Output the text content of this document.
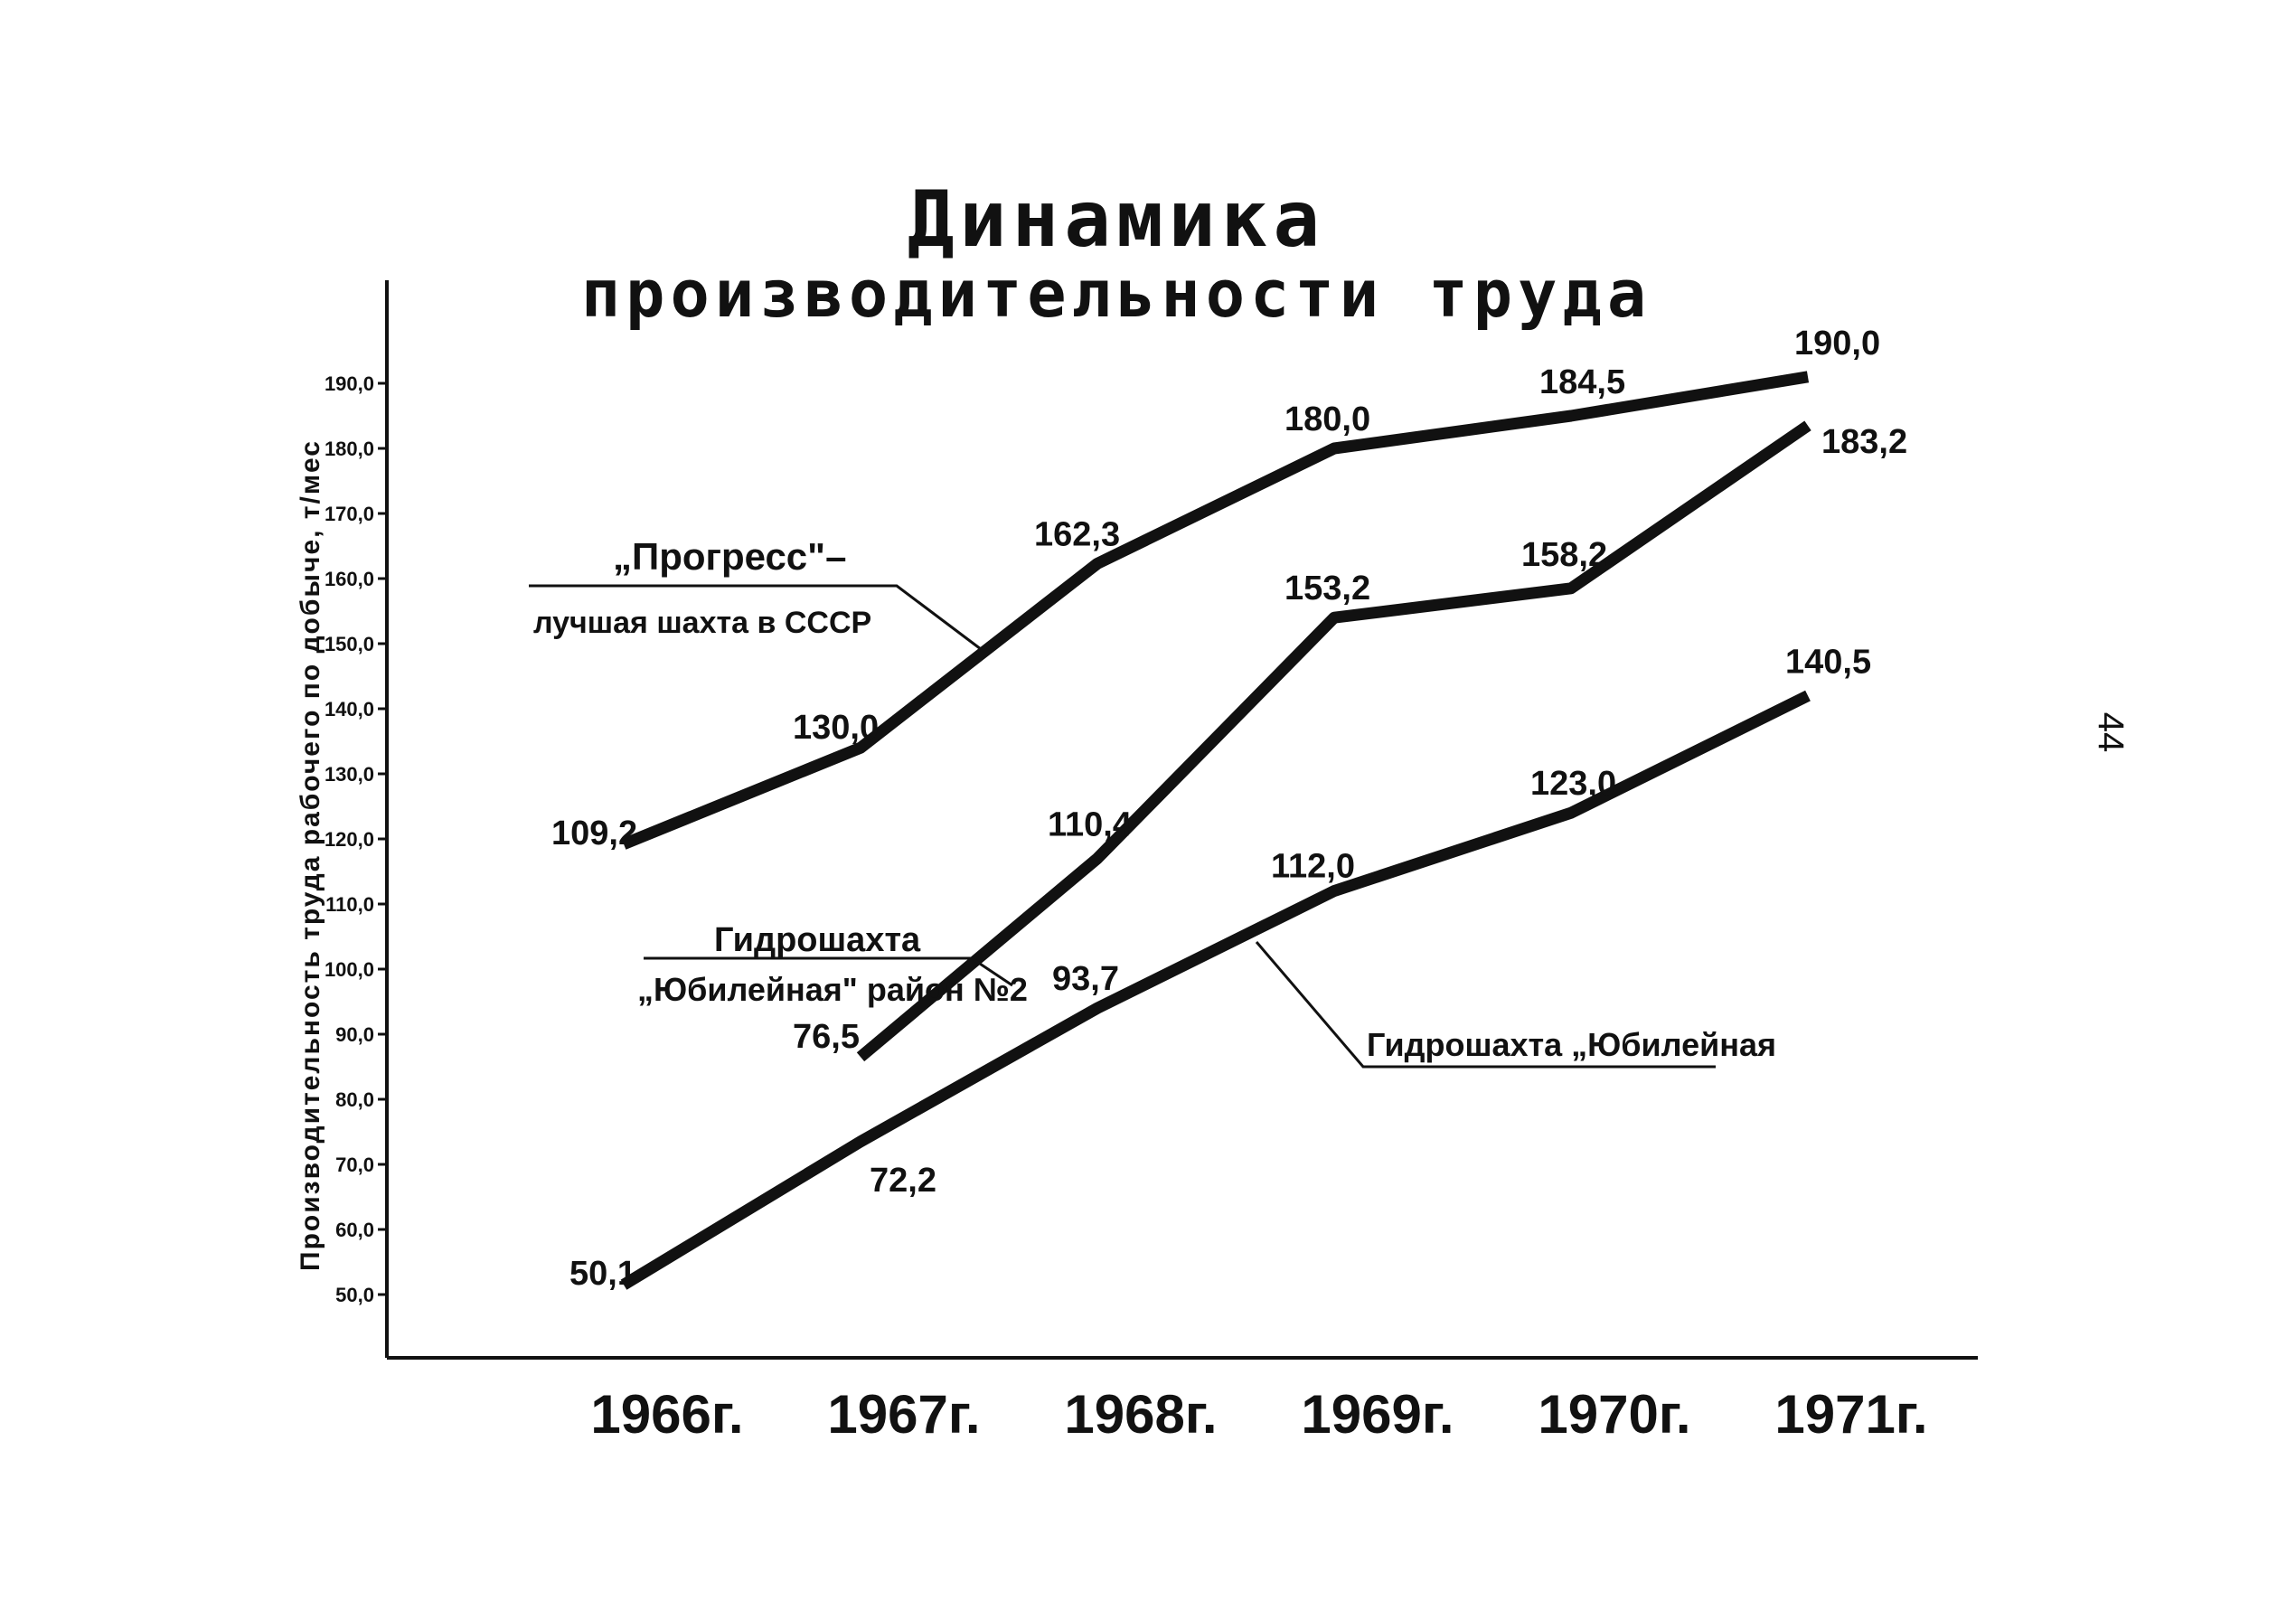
Динамика
производительности труда
Производительность труда рабочего по добыче, т/мес
50,0
60,0
70,0
80,0
90,0
100,0
110,0
120,0
130,0
140,0
150,0
160,0
170,0
180,0
190,0
1966г. 1967г. 1968г. 1969г. 1970г. 1971г.
109,2
130,0
162,3
180,0
184,5
190,0
76,5
110,4
153,2
158,2
183,2
50,1
72,2
93,7
112,0
123,0
140,5
„Прогресс"–
лучшая шахта в СССР
Гидрошахта
„Юбилейная" район №2
Гидрошахта „Юбилейная
44
